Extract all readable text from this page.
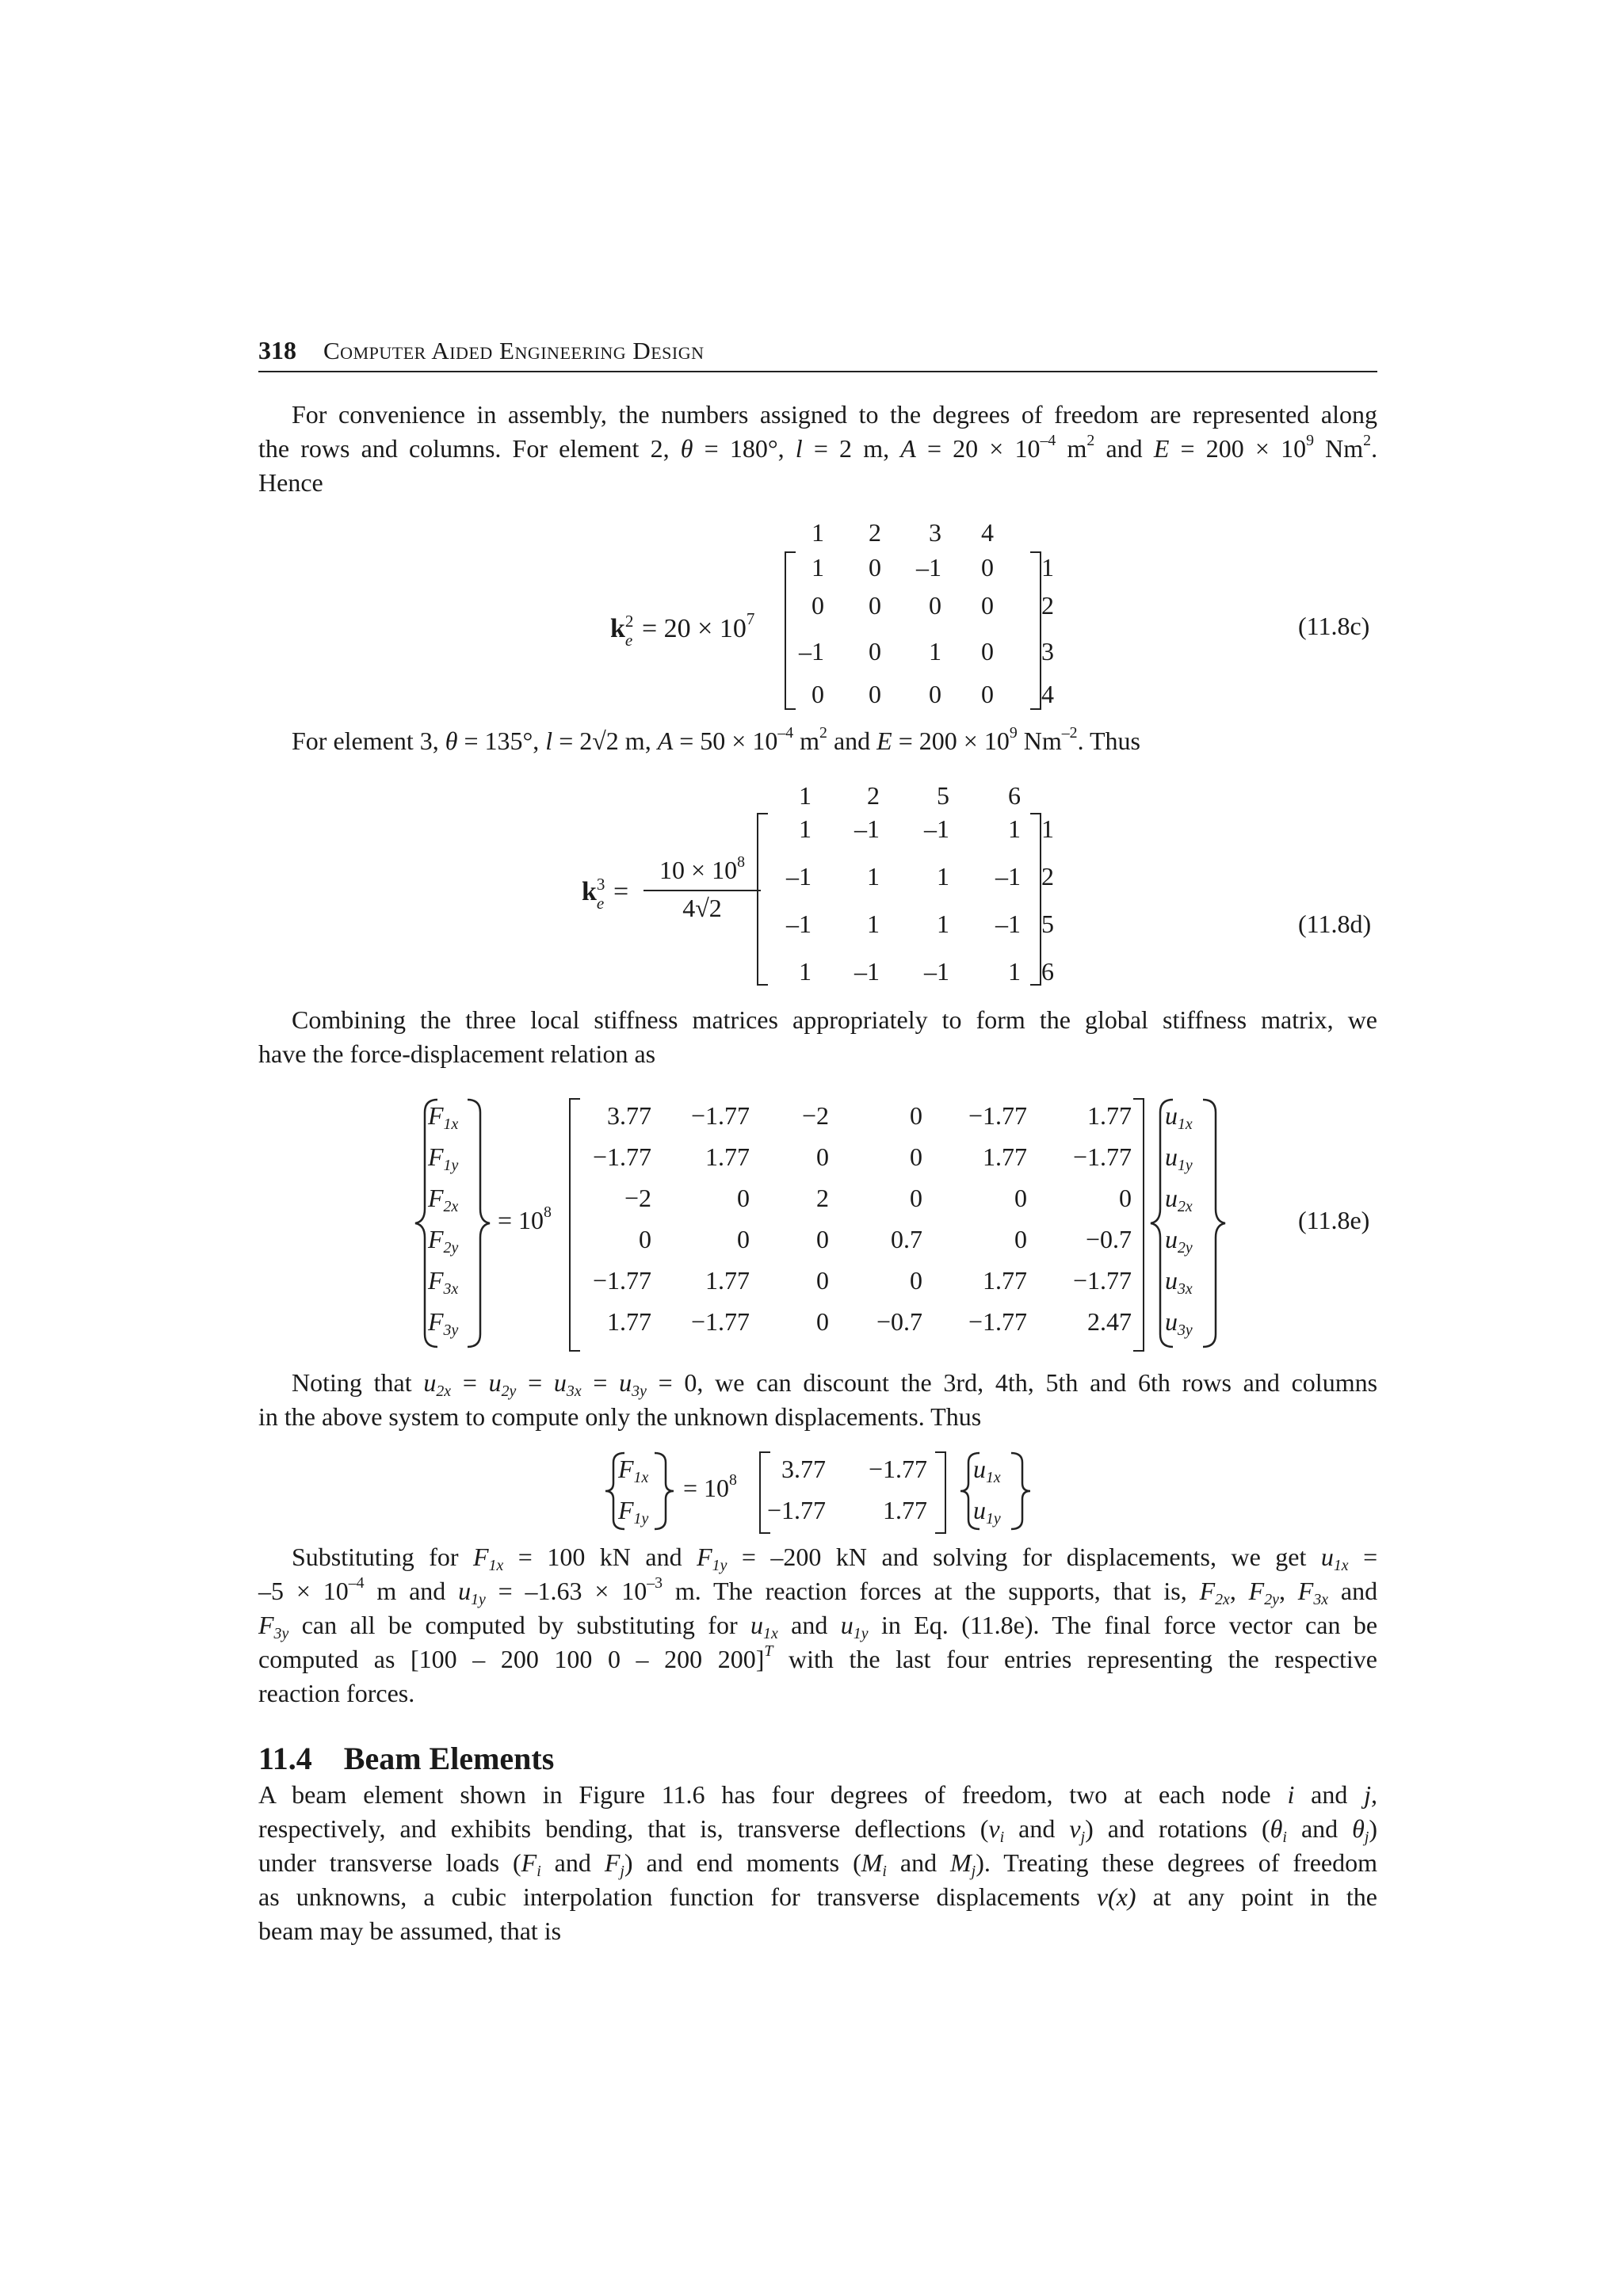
318 Computer Aided Engineering Design
For convenience in assembly, the numbers assigned to the degrees of freedom are represented along
the rows and columns. For element 2, θ = 180°, l = 2 m, $A = 20 \times 10^{-4}$ $m^2$ and $E = 200 \times 10^9$ Nm$^2$.
Hence
k 2
$e = 20 \times 10^7$
1	2	3	4
1	0	–1	0
0	0	0	0
–1	0	1	0
0	0	0	0
1
2
3
4
(11.8c)
For element 3, θ = 135°, l = 2√2 m, $A = 50 \times 10^{-4}$ $m^2$ and $E = 200 \times 10^9$ $Nm^{-2}$. Thus
k 3
e =
$10 \times 10^8$
4√2
1	2	5	6
1	–1	–1	1
–1	1	1	–1
–1	1	1	–1
1	–1	–1	1
1
2
5
6
(11.8d)
Combining the three local stiffness matrices appropriately to form the global stiffness matrix, we
have the force-displacement relation as
$F_{1x}$
$F_{1y}$
$F_{2x}$
$F_{2y}$
$F_{3x}$
$F_{3y}$
= $10^8$
3.77	−1.77	−2	0	−1.77	1.77
−1.77	1.77	0	0	1.77	−1.77
−2	0	2	0	0	0
0	0	0	0.7	0	−0.7
−1.77	1.77	0	0	1.77	−1.77
1.77	−1.77	0	−0.7	−1.77	2.47
$u_{1x}$
$u_{1y}$
$u_{2x}$
$u_{2y}$
$u_{3x}$
$u_{3y}$
(11.8e)
Noting that $u_{2x} = u_{2y} = u_{3x} = u_{3y} = 0$, we can discount the 3rd, 4th, 5th and 6th rows and columns
in the above system to compute only the unknown displacements. Thus
$F_{1x}$
$F_{1y}$
= $10^8$	3.77	−1.77
−1.77	1.77
$u_{1x}$
$u_{1y}$
Substituting for $F_{1x} = 100$ kN and $F_{1y} = -200$ kN and solving for displacements, we get $u_{1x}$ =
$-5 \times 10^{-4}$ m and $u_{1y} = -1.63 \times 10^{-3}$ m. The reaction forces at the supports, that is, $F_{2x}$, $F_{2y}$, $F_{3x}$ and
$F_{3y}$ can all be computed by substituting for $u_{1x}$ and $u_{1y}$ in Eq. (11.8e). The final force vector can be
computed as [100 – 200 100 0 – 200 200]$^T$ with the last four entries representing the respective
reaction forces.
11.4 Beam Elements
A beam element shown in Figure 11.6 has four degrees of freedom, two at each node i and j,
respectively, and exhibits bending, that is, transverse deflections ($v_i$ and $v_j$) and rotations ($\theta_i$ and $\theta_j$)
under transverse loads ($F_i$ and $F_j$) and end moments ($M_i$ and $M_j$). Treating these degrees of freedom
as unknowns, a cubic interpolation function for transverse displacements v(x) at any point in the
beam may be assumed, that is
